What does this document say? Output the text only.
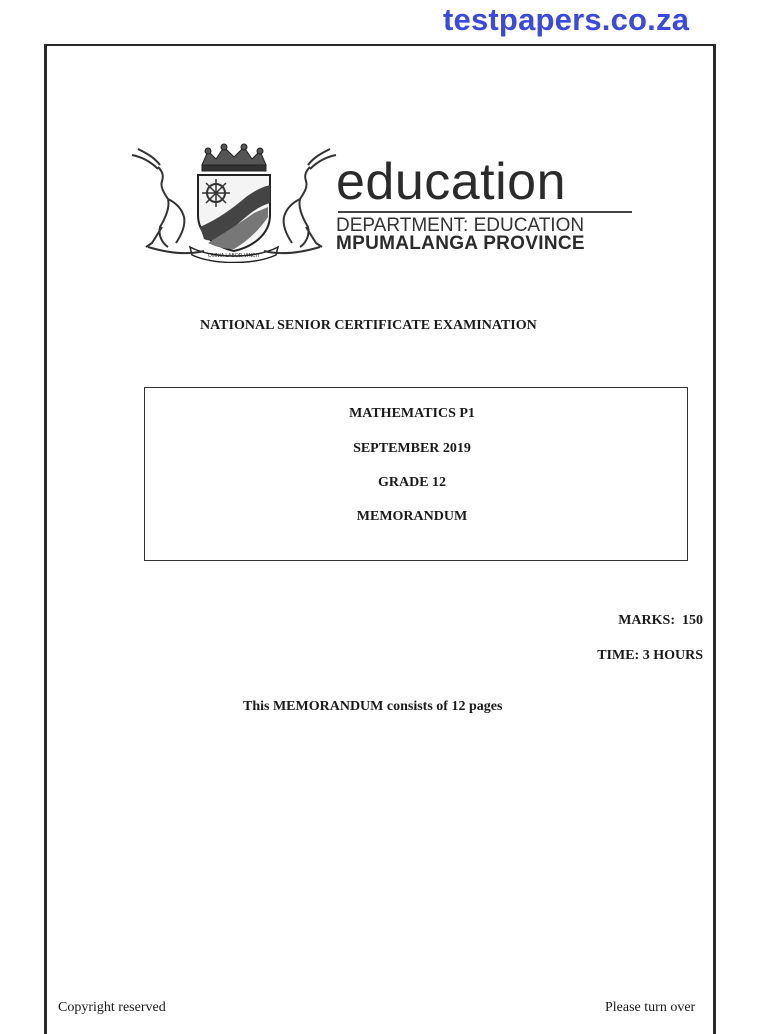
testpapers.co.za
OMNIA LABOR VINCIT
education
DEPARTMENT: EDUCATION
MPUMALANGA PROVINCE
NATIONAL SENIOR CERTIFICATE EXAMINATION
MATHEMATICS P1
SEPTEMBER 2019
GRADE 12
MEMORANDUM
MARKS:  150
TIME: 3 HOURS
This MEMORANDUM consists of 12 pages
Copyright reserved	Please turn over
